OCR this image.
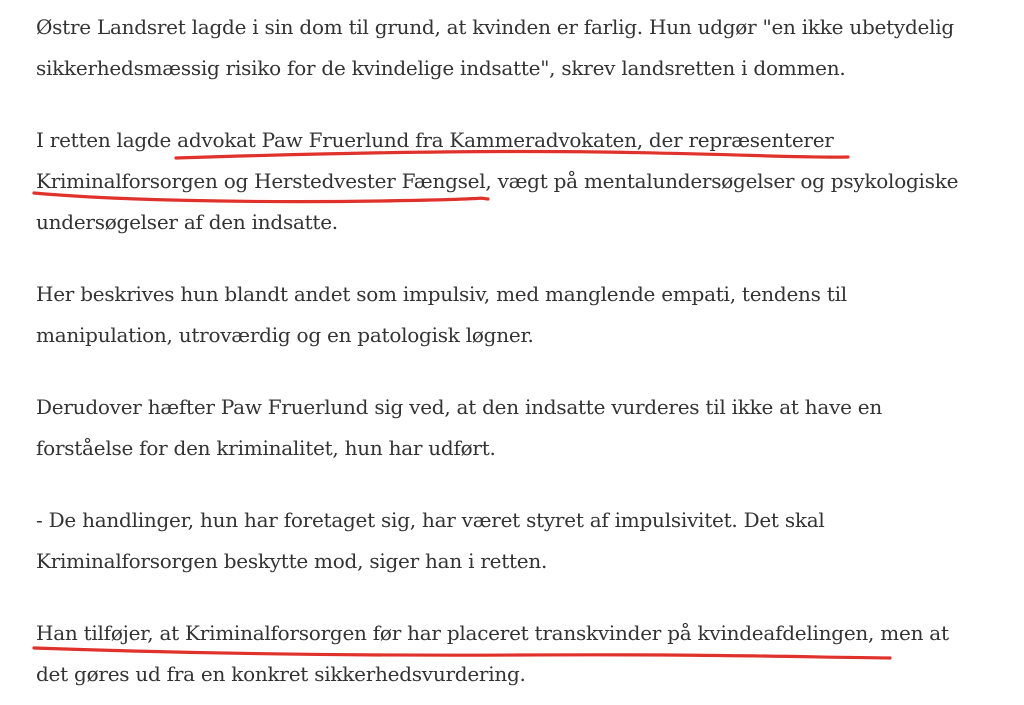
Østre Landsret lagde i sin dom til grund, at kvinden er farlig. Hun udgør "en ikke ubetydelig
sikkerhedsmæssig risiko for de kvindelige indsatte", skrev landsretten i dommen.

I retten lagde advokat Paw Fruerlund fra Kammeradvokaten, der repræsenterer
Kriminalforsorgen og Herstedvester Fængsel, vægt på mentalundersøgelser og psykologiske
undersøgelser af den indsatte.

Her beskrives hun blandt andet som impulsiv, med manglende empati, tendens til
manipulation, utroværdig og en patologisk løgner.

Derudover hæfter Paw Fruerlund sig ved, at den indsatte vurderes til ikke at have en
forståelse for den kriminalitet, hun har udført.

- De handlinger, hun har foretaget sig, har været styret af impulsivitet. Det skal
Kriminalforsorgen beskytte mod, siger han i retten.

Han tilføjer, at Kriminalforsorgen før har placeret transkvinder på kvindeafdelingen, men at
det gøres ud fra en konkret sikkerhedsvurdering.
